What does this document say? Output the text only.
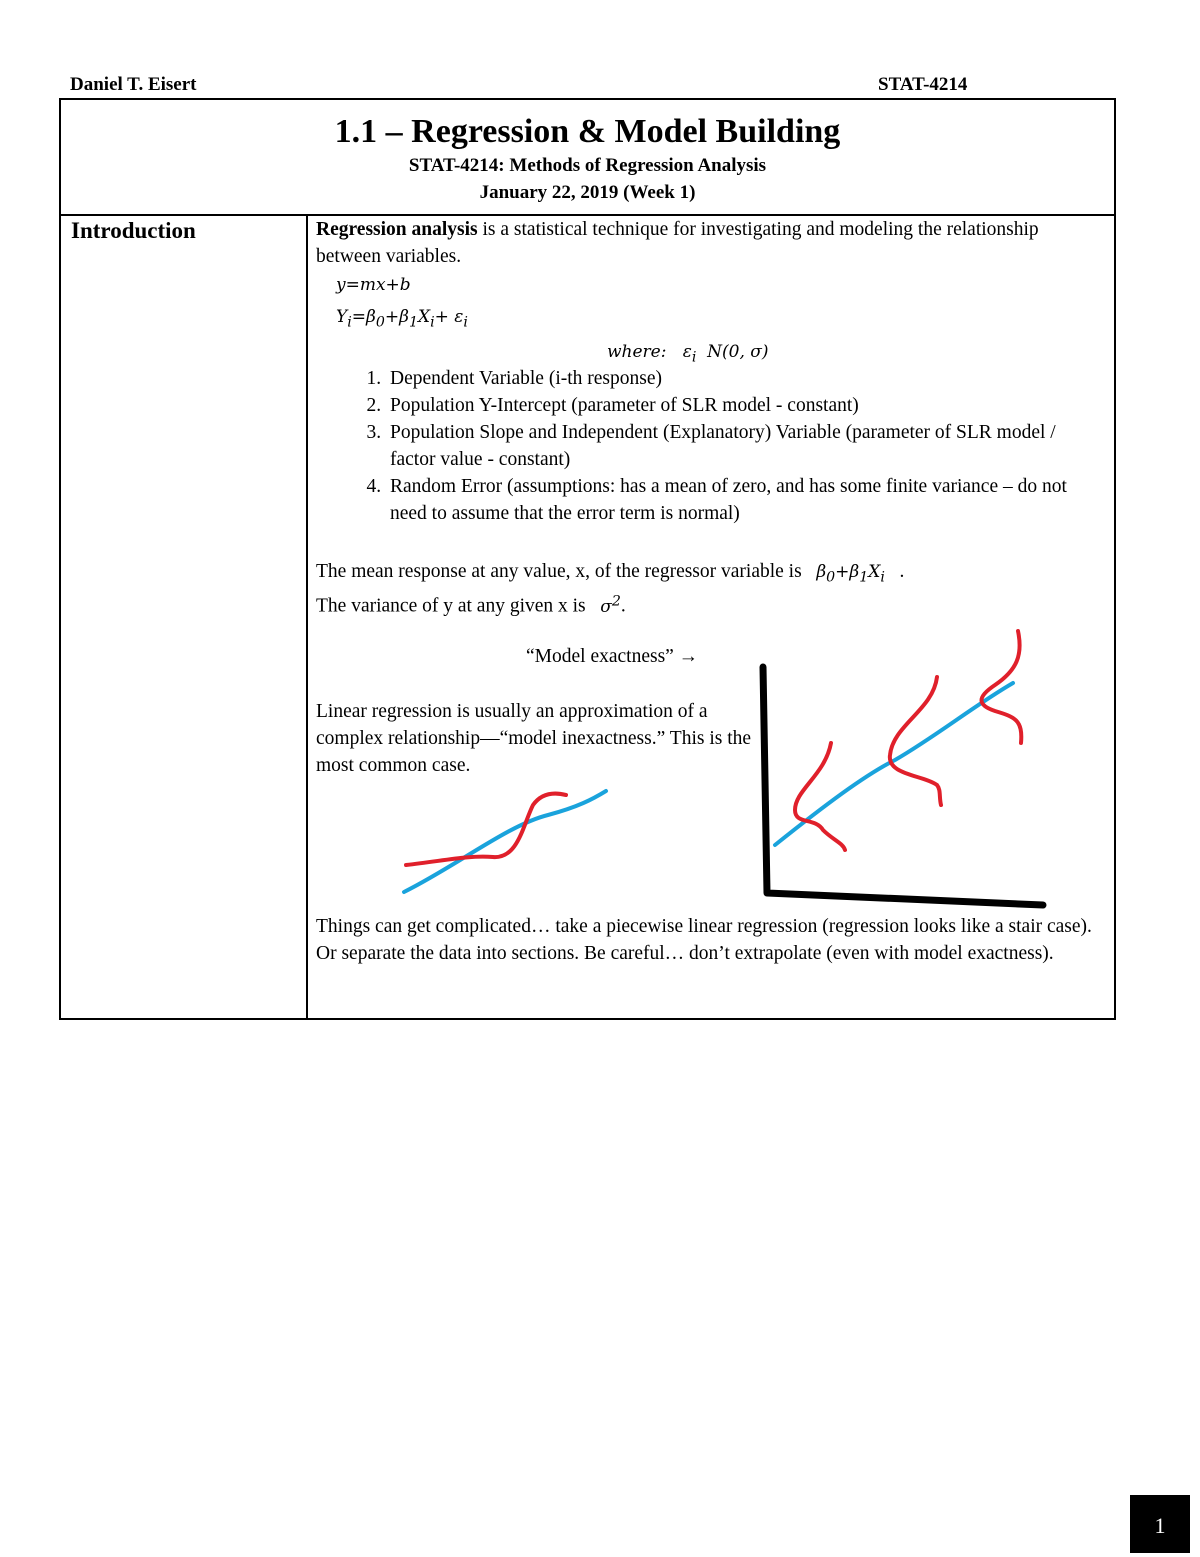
Daniel T. Eisert	STAT-4214
1.1 – Regression & Model Building
STAT-4214: Methods of Regression Analysis
January 22, 2019 (Week 1)
Introduction	Regression analysis is a statistical technique for investigating and modeling the relationship between variables.
y=mx+b
$Y_i=\beta_0+\beta_1X_i+ \varepsilon_i$
where:   $\varepsilon_i$  N(0, σ)
1. Dependent Variable (i-th response)
2. Population Y-Intercept (parameter of SLR model - constant)
3. Population Slope and Independent (Explanatory) Variable (parameter of SLR model / factor value - constant)
4. Random Error (assumptions: has a mean of zero, and has some finite variance – do not need to assume that the error term is normal)
The mean response at any value, x, of the regressor variable is $\beta_0+\beta_1X_i$   .
The variance of y at any given x is $\sigma^2$.
“Model exactness” →
Linear regression is usually an approximation of a complex relationship—“model inexactness.” This is the most common case.
Things can get complicated… take a piecewise linear regression (regression looks like a stair case). Or separate the data into sections. Be careful… don’t extrapolate (even with model exactness).
1
